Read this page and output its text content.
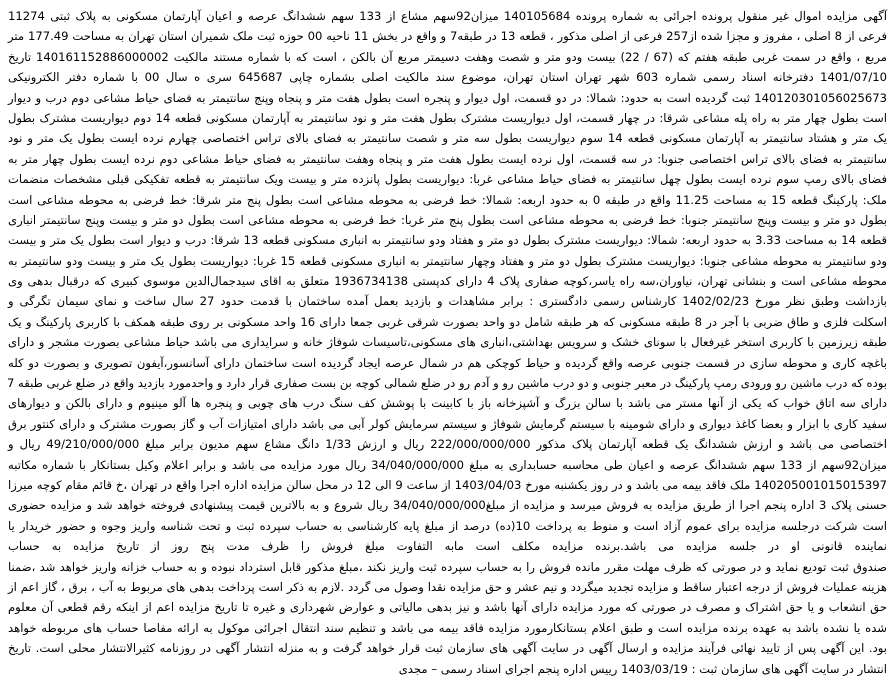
آگهی مزایده اموال غیر منقول پرونده اجرائی به شماره پرونده 140105684 میزان92سهم مشاع از 133 سهم ششدانگ عرصه و اعیان آپارتمان مسکونی به پلاک ثبتی 11274
فرعی از 8 اصلی ، مفروز و مجزا شده از257 فرعی از اصلی مذکور ، قطعه 13 در طبقه7 و واقع در بخش 11 ناحیه 00 حوزه ثبت ملک شمیران استان تهران به مساحت 177.49 متر
مربع ، واقع در سمت غربی طبقه هفتم که (67 / 22) بیست ودو متر و شصت وهفت دسیمتر مربع آن بالکن ، است که با شماره مستند مالکیت 140161152886000002 تاریخ
1401/07/10 دفترخانه اسناد رسمی شماره 603 شهر تهران استان تهران، موضوع سند مالکیت اصلی بشماره چاپی 645687 سری ه سال 00 با شماره دفتر الکترونیکی
140120301056025673 ثبت گردیده است به حدود: شمالا: در دو قسمت، اول دیوار و پنجره است بطول هفت متر و پنجاه وپنج سانتیمتر به فضای حیاط مشاعی دوم درب و دیوار
است بطول چهار متر به راه پله مشاعی شرقا: در چهار قسمت، اول دیواریست مشترک بطول هفت متر و نود سانتیمتر به آپارتمان مسکونی قطعه 14 دوم دیواریست مشترک بطول
یک متر و هشتاد سانتیمتر به آپارتمان مسکونی قطعه 14 سوم دیواریست بطول سه متر و شصت سانتیمتر به فضای بالای تراس اختصاصی چهارم نرده ایست بطول یک متر و نود
سانتیمتر به فضای بالای تراس اختصاصی جنوبا: در سه قسمت، اول نرده ایست بطول هفت متر و پنجاه وهفت سانتیمتر به فضای حیاط مشاعی دوم نرده ایست بطول چهار متر به
فضای بالای رمپ سوم نرده ایست بطول چهل سانتیمتر به فضای حیاط مشاعی غربا: دیواریست بطول پانزده متر و بیست ویک سانتیمتر به قطعه تفکیکی قبلی مشخصات منضمات
ملک: پارکینگ قطعه 15 به مساحت 11.25 واقع در طبقه 0 به حدود اربعه: شمالا: خط فرضی به محوطه مشاعی است بطول پنج متر شرقا: خط فرضی به محوطه مشاعی است
بطول دو متر و بیست وپنج سانتیمتر جنوبا: خط فرضی به محوطه مشاعی است بطول پنج متر غربا: خط فرضی به محوطه مشاعی است بطول دو متر و بیست وپنج سانتیمتر انباری
قطعه 14 به مساحت 3.33 به حدود اربعه: شمالا: دیواریست مشترک بطول دو متر و هفتاد ودو سانتیمتر به انباری مسکونی قطعه 13 شرقا: درب و دیوار است بطول یک متر و بیست
ودو سانتیمتر به محوطه مشاعی جنوبا: دیواریست مشترک بطول دو متر و هفتاد وچهار سانتیمتر به انباری مسکونی قطعه 15 غربا: دیواریست بطول یک متر و بیست ودو سانتیمتر به
محوطه مشاعی است و بنشانی تهران، نیاوران،سه راه یاسر،کوچه صفاری پلاک 4 دارای کدپستی 1936734138 متعلق به اقای سیدجمال‌الدین موسوی کبیری که درقبال بدهی وی
بازداشت وطبق نظر مورخ 1402/02/23 کارشناس رسمی دادگستری : برابر مشاهدات و بازدید بعمل آمده ساختمان با قدمت حدود 27 سال ساخت و نمای سیمان تگرگی و
اسکلت فلزی و طاق ضربی با آجر در 8 طبقه مسکونی که هر طبقه شامل دو واحد بصورت شرقی غربی جمعا دارای 16 واحد مسکونی بر روی طبقه همکف با کاربری پارکینگ و یک
طبقه زیرزمین با کاربری استخر غیرفعال با سونای خشک و سرویس بهداشتی،انباری های مسکونی،تاسیسات شوفاژ خانه و سرایداری می باشد حیاط مشاعی بصورت مشجر و دارای
باغچه کاری و محوطه سازی در قسمت جنوبی عرصه واقع گردیده و حیاط کوچکی هم در شمال عرصه ایجاد گردیده است ساختمان دارای آسانسور،آیفون تصویری و بصورت دو کله
بوده که درب ماشین رو ورودی رمپ پارکینگ در معبر جنوبی و دو درب ماشین رو و آدم رو در ضلع شمالی کوچه بن بست صفاری قرار دارد و واحدمورد بازدید واقع در ضلع غربی طبقه 7
دارای سه اتاق خواب که یکی از آنها مستر می باشد با سالن بزرگ و آشپزخانه باز با کابینت با پوشش کف سنگ درب های چوبی و پنجره ها آلو مینیوم و دارای بالکن و دیوارهای
سفید کاری با ابزار و بعضا کاغذ دیواری و دارای شومینه با سیستم گرمایش شوفاژ و سیستم سرمایش کولر آبی می باشد دارای امتیازات آب و گاز بصورت مشترک و دارای کنتور برق
اختصاصی می باشد و ارزش ششدانگ یک قطعه آپارتمان پلاک مذکور 222/000/000/000 ریال و ارزش 1/33 دانگ مشاع سهم مدیون برابر مبلغ 49/210/000/000 ریال و
میزان92سهم از 133 سهم ششدانگ عرصه و اعیان طی محاسبه حسابداری به مبلغ 34/040/000/000 ریال مورد مزایده می باشد و برابر اعلام وکیل بستانکار با شماره مکاتبه
140205001015015397 ملک فاقد بیمه می باشد و در روز یکشنبه مورخ 1403/04/03 از ساعت 9 الی 12 در محل سالن مزایده اداره اجرا واقع در تهران ،خ قائم مقام کوچه میرزا
حسنی پلاک 3 اداره پنجم اجرا از طریق مزایده به فروش میرسد و مزایده از مبلغ34/040/000/000 ریال شروع و به بالاترین قیمت پیشنهادی فروخته خواهد شد و مزایده حضوری
است شرکت درجلسه مزایده برای عموم آزاد است و منوط به پرداخت 10(ده) درصد از مبلغ پایه کارشناسی به حساب سپرده ثبت و تحت شناسه واریز وجوه و حضور خریدار یا
نماینده قانونی او در جلسه مزایده می باشد.برنده مزایده مکلف است مابه التفاوت مبلغ فروش را ظرف مدت پنج روز از تاریخ مزایده به حساب
صندوق ثبت تودیع نماید و در صورتی که ظرف مهلت مقرر مانده فروش را به حساب سپرده ثبت واریز نکند ،مبلغ مذکور قابل استرداد نبوده و به حساب خزانه واریز خواهد شد ،ضمنا
هزینه عملیات فروش از درجه اعتبار ساقط و مزایده تجدید میگردد و نیم عشر و حق مزایده نقدا وصول می گردد .لازم به ذکر است پرداخت بدهی های مربوط به آب ، برق ، گاز اعم از
حق انشعاب و یا حق اشتراک و مصرف در صورتی که مورد مزایده دارای آنها باشد و نیز بدهی مالیاتی و عوارض شهرداری و غیره تا تاریخ مزایده اعم از اینکه رقم قطعی آن معلوم
شده یا نشده باشد به عهده برنده مزایده است و طبق اعلام بستانکارمورد مزایده فاقد بیمه می باشد و تنظیم سند انتقال اجرائی موکول به ارائه مفاصا حساب های مربوطه خواهد
بود. این آگهی پس از تایید نهائی فرآیند مزایده و ارسال آگهی در سایت آگهی های سازمان ثبت قرار خواهد گرفت و به منزله انتشار آگهی در روزنامه کثیرالانتشار محلی است. تاریخ
انتشار در سایت آگهی های سازمان ثبت : 1403/03/19 رییس اداره پنجم اجرای اسناد رسمی – مجدی
